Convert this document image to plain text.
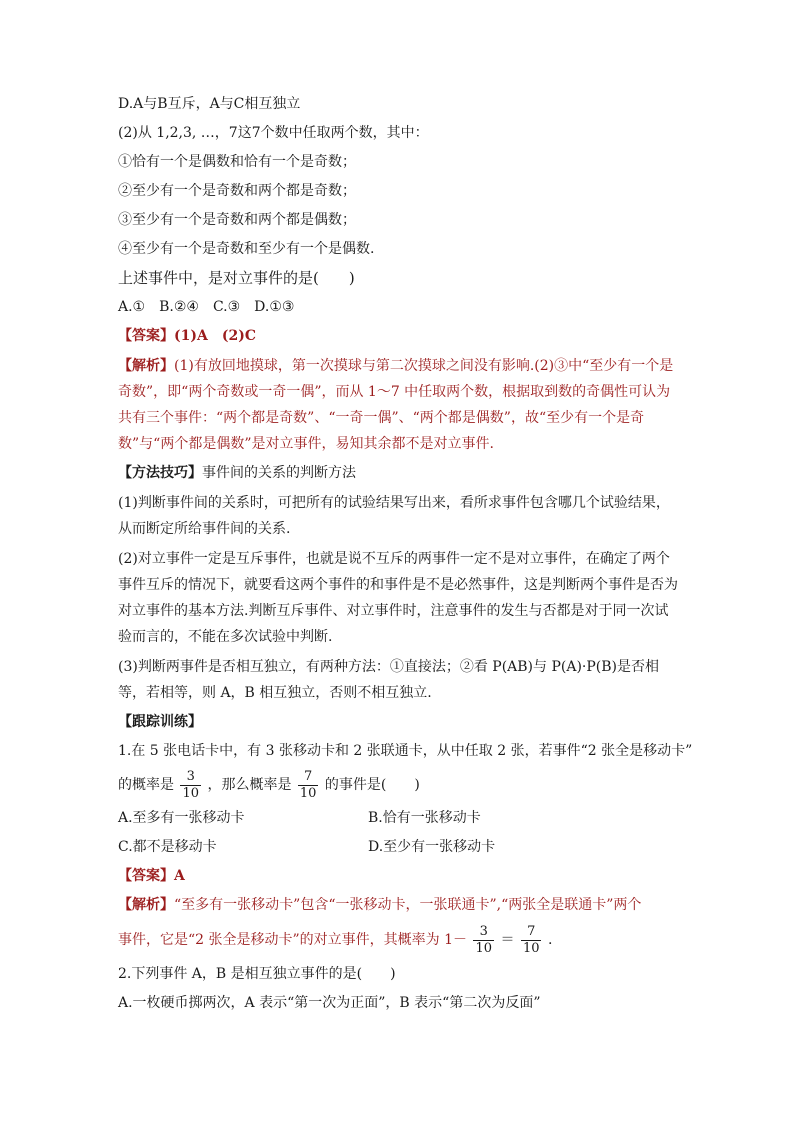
D.A与B互斥，A与C相互独立

(2)从 1,2,3, …，7这7个数中任取两个数，其中：

①恰有一个是偶数和恰有一个是奇数；

②至少有一个是奇数和两个都是奇数；

③至少有一个是奇数和两个都是偶数；

④至少有一个是奇数和至少有一个是偶数.

上述事件中，是对立事件的是(　　)

A.①　B.②④　C.③　D.①③

【答案】(1)A　(2)C

【解析】(1)有放回地摸球，第一次摸球与第二次摸球之间没有影响.(2)③中“至少有一个是奇数”，即“两个奇数或一奇一偶”，而从 1～7 中任取两个数，根据取到数的奇偶性可认为共有三个事件：“两个都是奇数”、“一奇一偶”、“两个都是偶数”，故“至少有一个是奇数”与“两个都是偶数”是对立事件，易知其余都不是对立事件.

【方法技巧】事件间的关系的判断方法

(1)判断事件间的关系时，可把所有的试验结果写出来，看所求事件包含哪几个试验结果，从而断定所给事件间的关系.

(2)对立事件一定是互斥事件，也就是说不互斥的两事件一定不是对立事件，在确定了两个事件互斥的情况下，就要看这两个事件的和事件是不是必然事件，这是判断两个事件是否为对立事件的基本方法.判断互斥事件、对立事件时，注意事件的发生与否都是对于同一次试验而言的，不能在多次试验中判断.

(3)判断两事件是否相互独立，有两种方法：①直接法；②看 P(AB)与 P(A)·P(B)是否相等，若相等，则 A，B 相互独立，否则不相互独立.

【跟踪训练】

1.在 5 张电话卡中，有 3 张移动卡和 2 张联通卡，从中任取 2 张，若事件“2 张全是移动卡”

的概率是 $\frac{3}{10}$ ，那么概率是 $\frac{7}{10}$ 的事件是(　　)

A.至多有一张移动卡	B.恰有一张移动卡
C.都不是移动卡	D.至少有一张移动卡

【答案】A

【解析】“至多有一张移动卡”包含“一张移动卡，一张联通卡”,“两张全是联通卡”两个

事件，它是“2 张全是移动卡”的对立事件，其概率为 $1- \frac{3}{10} = \frac{7}{10}$ .

2.下列事件 A，B 是相互独立事件的是(　　)

A.一枚硬币掷两次，A 表示“第一次为正面”，B 表示“第二次为反面”
